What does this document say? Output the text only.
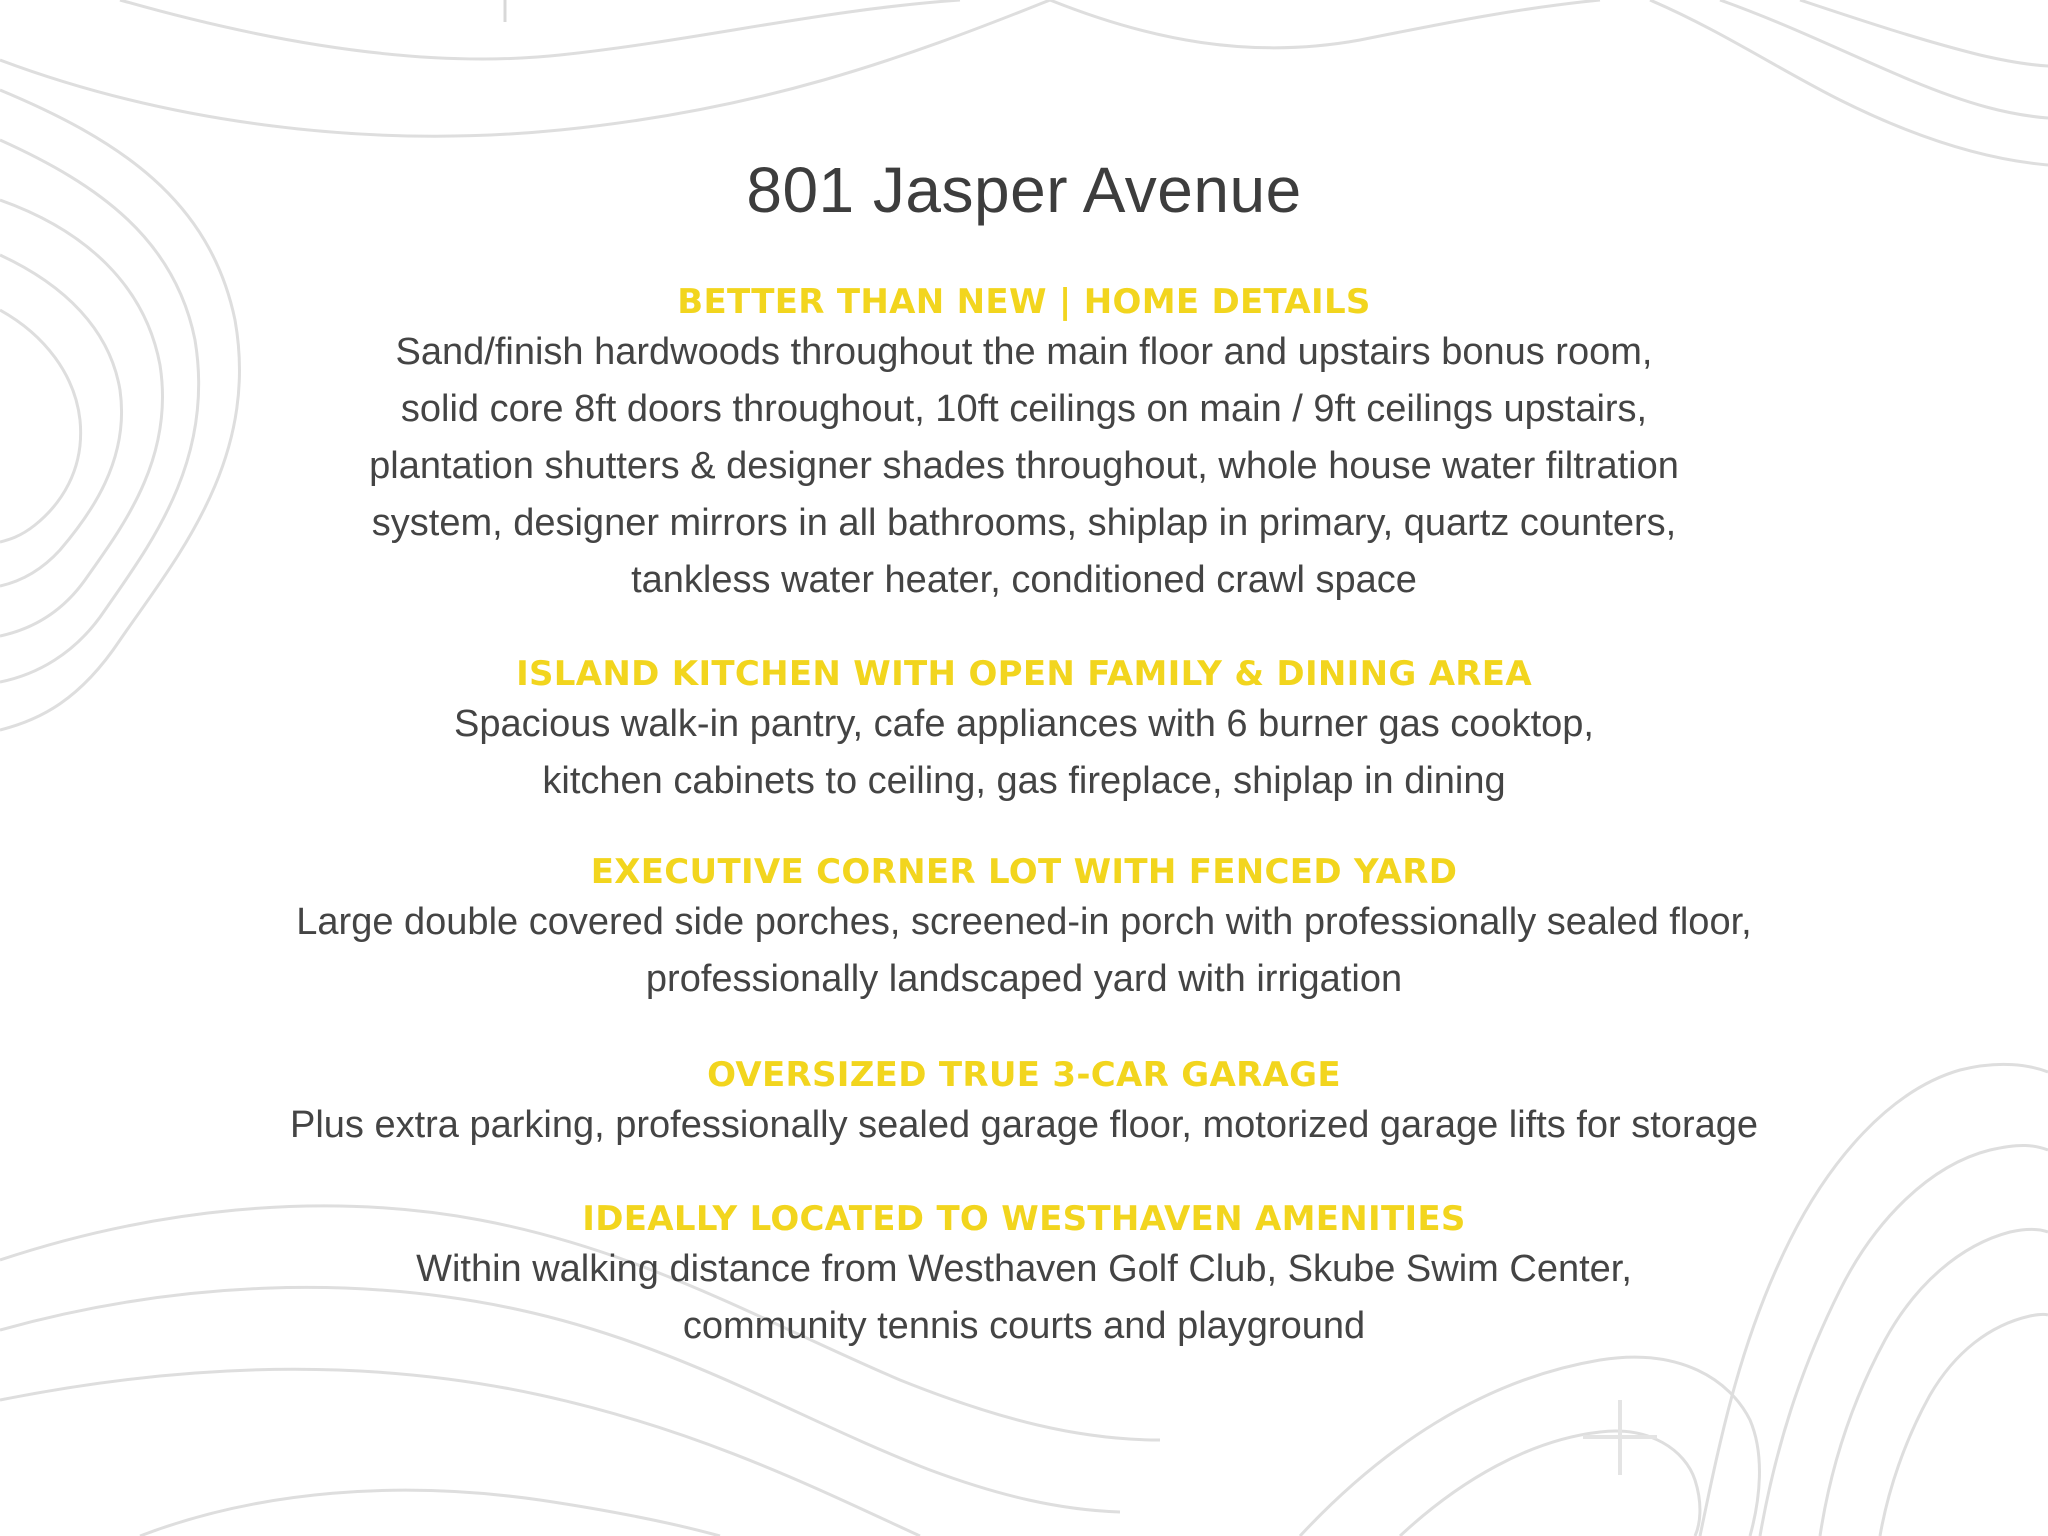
801 Jasper Avenue
BETTER THAN NEW | HOME DETAILS
Sand/finish hardwoods throughout the main floor and upstairs bonus room,
solid core 8ft doors throughout, 10ft ceilings on main / 9ft ceilings upstairs,
plantation shutters & designer shades throughout, whole house water filtration
system, designer mirrors in all bathrooms, shiplap in primary, quartz counters,
tankless water heater, conditioned crawl space
ISLAND KITCHEN WITH OPEN FAMILY & DINING AREA
Spacious walk-in pantry, cafe appliances with 6 burner gas cooktop,
kitchen cabinets to ceiling, gas fireplace, shiplap in dining
EXECUTIVE CORNER LOT WITH FENCED YARD
Large double covered side porches, screened-in porch with professionally sealed floor,
professionally landscaped yard with irrigation
OVERSIZED TRUE 3-CAR GARAGE
Plus extra parking, professionally sealed garage floor, motorized garage lifts for storage
IDEALLY LOCATED TO WESTHAVEN AMENITIES
Within walking distance from Westhaven Golf Club, Skube Swim Center,
community tennis courts and playground
